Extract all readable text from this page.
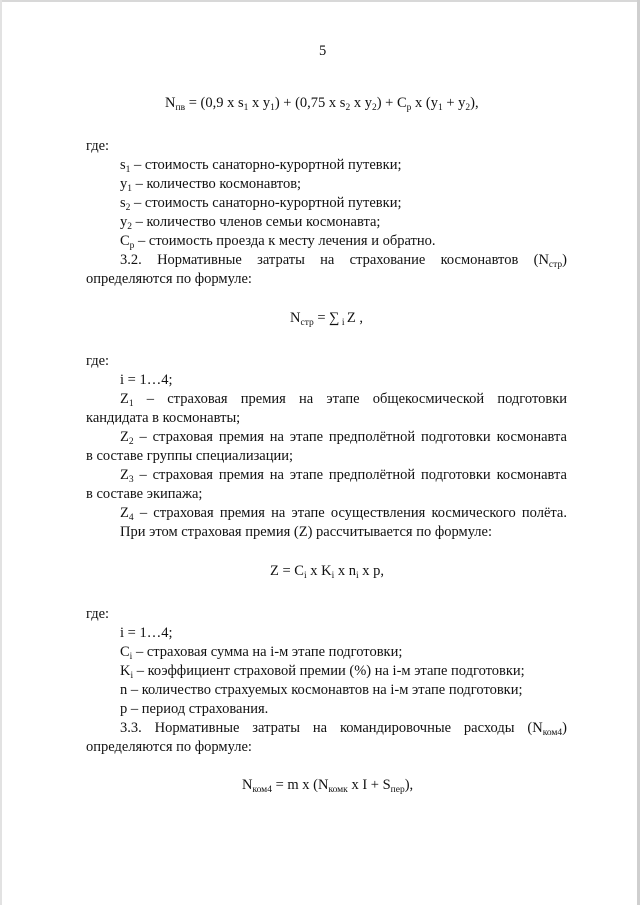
5
$N_{пв} = (0,9$ x $s_1$ x $y_1) + (0,75$ x $s_2$ x $y_2) + C_p$ x $(y_1 + y_2)$,
где:
$s_1$ – стоимость санаторно-курортной путевки;
$y_1$ – количество космонавтов;
$s_2$ – стоимость санаторно-курортной путевки;
$y_2$ – количество членов семьи космонавта;
$C_p$ – стоимость проезда к месту лечения и обратно.
3.2. Нормативные затраты на страхование космонавтов $(N_{стр})$
определяются по формуле:
$N_{стр}$ = ∑ $_i$ Z ,
где:
i = 1…4;
$Z_1$ – страховая премия на этапе общекосмической подготовки
кандидата в космонавты;
$Z_2$ – страховая премия на этапе предполётной подготовки космонавта
в составе группы специализации;
$Z_3$ – страховая премия на этапе предполётной подготовки космонавта
в составе экипажа;
$Z_4$ – страховая премия на этапе осуществления космического полёта.
При этом страховая премия (Z) рассчитывается по формуле:
$Z = C_i$ x $K_i$ x $n_i$ x p,
где:
i = 1…4;
$C_i$ – страховая сумма на i-м этапе подготовки;
$K_i$ – коэффициент страховой премии (%) на i-м этапе подготовки;
n – количество страхуемых космонавтов на i-м этапе подготовки;
p – период страхования.
3.3. Нормативные затраты на командировочные расходы $(N_{ком4})$
определяются по формуле:
$N_{ком4} = m$ x ($N_{комк}$ x $I + S_{пер}$),
